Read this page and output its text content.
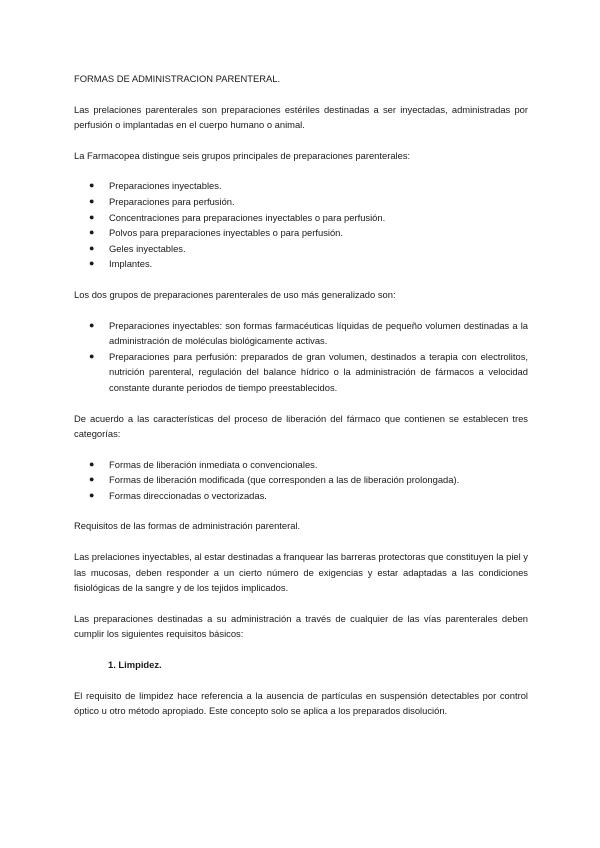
FORMAS DE ADMINISTRACION PARENTERAL.

Las prelaciones parenterales son preparaciones estériles destinadas a ser inyectadas, administradas por perfusión o implantadas en el cuerpo humano o animal.

La Farmacopea distingue seis grupos principales de preparaciones parenterales:

● Preparaciones inyectables.
● Preparaciones para perfusión.
● Concentraciones para preparaciones inyectables o para perfusión.
● Polvos para preparaciones inyectables o para perfusión.
● Geles inyectables.
● Implantes.

Los dos grupos de preparaciones parenterales de uso más generalizado son:

● Preparaciones inyectables: son formas farmacéuticas líquidas de pequeño volumen destinadas a la administración de moléculas biológicamente activas.
● Preparaciones para perfusión: preparados de gran volumen, destinados a terapia con electrolitos, nutrición parenteral, regulación del balance hídrico o la administración de fármacos a velocidad constante durante periodos de tiempo preestablecidos.

De acuerdo a las características del proceso de liberación del fármaco que contienen se establecen tres categorías:

● Formas de liberación inmediata o convencionales.
● Formas de liberación modificada (que corresponden a las de liberación prolongada).
● Formas direccionadas o vectorizadas.

Requisitos de las formas de administración parenteral.

Las prelaciones inyectables, al estar destinadas a franquear las barreras protectoras que constituyen la piel y las mucosas, deben responder a un cierto número de exigencias y estar adaptadas a las condiciones fisiológicas de la sangre y de los tejidos implicados.

Las preparaciones destinadas a su administración a través de cualquier de las vías parenterales deben cumplir los siguientes requisitos básicos:

1. Limpidez.

El requisito de limpidez hace referencia a la ausencia de partículas en suspensión detectables por control óptico u otro método apropiado. Este concepto solo se aplica a los preparados disolución.
